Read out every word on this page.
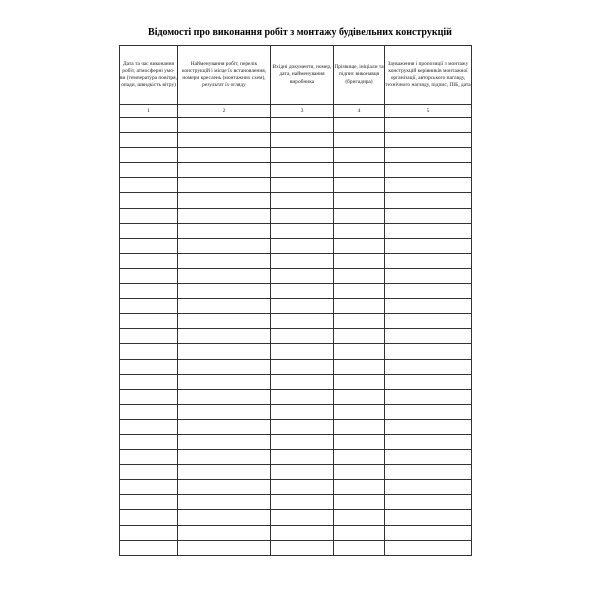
Відомості про виконання робіт з монтажу будівельних конструкцій
Дата та час виконання робіт, атмосферні умо-ви (температура повітря, опади, швидкість вітру)	Найменування робіт, перелік конструкцій і місце їх встановлення, номери креслень (монтажних схем), результат їх огляду	Вхідні документи, номер, дата, найменування виробника	Прізвище, ініціали та підпис виконавця (бригадира)	Зауваження і пропозиції з монтажу конструкцій керівників монтажної організації, авторського нагляду, технічного нагляду, підпис, ПІБ, дата
1	2	3	4	5
